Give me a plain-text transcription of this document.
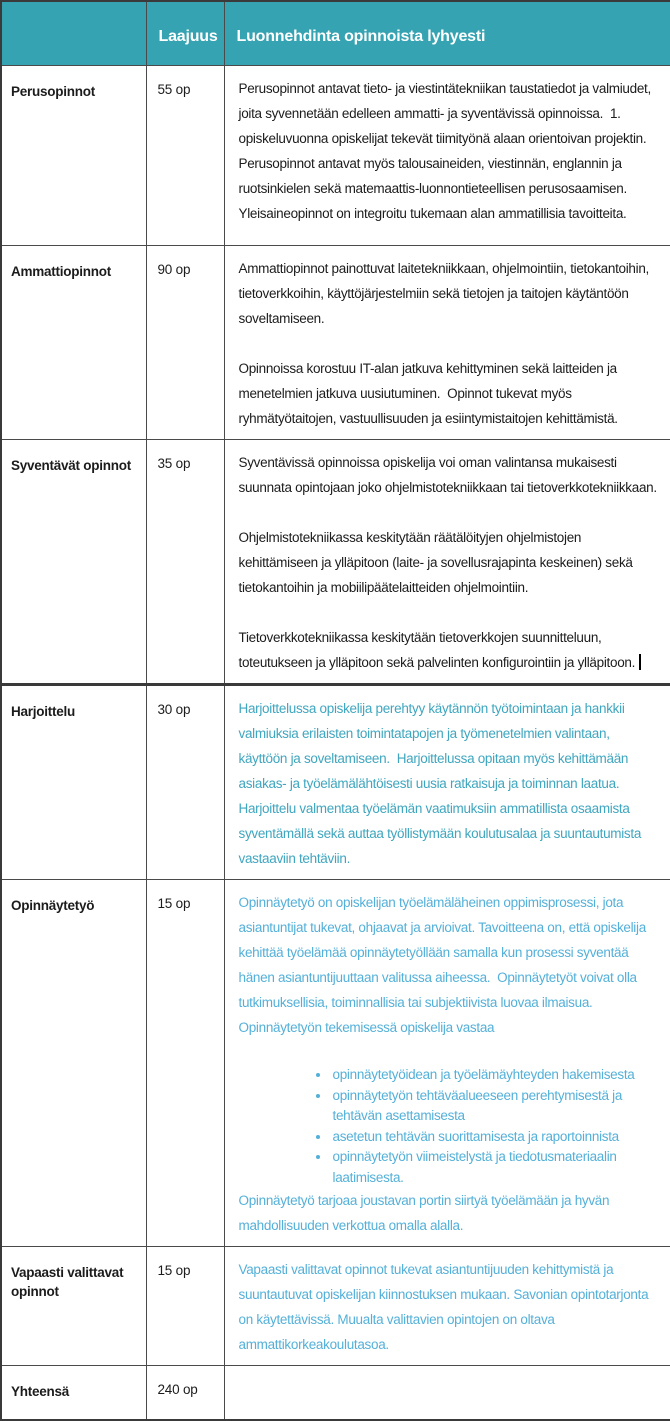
	Laajuus	Luonnehdinta opinnoista lyhyesti
Perusopinnot	55 op	Perusopinnot antavat tieto- ja viestintätekniikan taustatiedot ja valmiudet, joita syvennetään edelleen ammatti- ja syventävissä opinnoissa.  1. opiskeluvuonna opiskelijat tekevät tiimityönä alaan orientoivan projektin.  Perusopinnot antavat myös talousaineiden, viestinnän, englannin ja ruotsinkielen sekä matemaattis-luonnontieteellisen perusosaamisen.  Yleisaineopinnot on integroitu tukemaan alan ammatillisia tavoitteita.

Ammattiopinnot	90 op	Ammattiopinnot painottuvat laitetekniikkaan, ohjelmointiin, tietokantoihin, tietoverkkoihin, käyttöjärjestelmiin sekä tietojen ja taitojen käytäntöön soveltamiseen.

Opinnoissa korostuu IT-alan jatkuva kehittyminen sekä laitteiden ja menetelmien jatkuva uusiutuminen.  Opinnot tukevat myös ryhmätyötaitojen, vastuullisuuden ja esiintymistaitojen kehittämistä.

Syventävät opinnot	35 op	Syventävissä opinnoissa opiskelija voi oman valintansa mukaisesti suunnata opintojaan joko ohjelmistotekniikkaan tai tietoverkkotekniikkaan.

Ohjelmistotekniikassa keskitytään räätälöityjen ohjelmistojen kehittämiseen ja ylläpitoon (laite- ja sovellusrajapinta keskeinen) sekä tietokantoihin ja mobiilipäätelaitteiden ohjelmointiin.

Tietoverkkotekniikassa keskitytään tietoverkkojen suunnitteluun, toteutukseen ja ylläpitoon sekä palvelinten konfigurointiin ja ylläpitoon.

Harjoittelu	30 op	Harjoittelussa opiskelija perehtyy käytännön työtoimintaan ja hankkii valmiuksia erilaisten toimintatapojen ja työmenetelmien valintaan, käyttöön ja soveltamiseen.  Harjoittelussa opitaan myös kehittämään asiakas- ja työelämälähtöisesti uusia ratkaisuja ja toiminnan laatua. Harjoittelu valmentaa työelämän vaatimuksiin ammatillista osaamista syventämällä sekä auttaa työllistymään koulutusalaa ja suuntautumista vastaaviin tehtäviin.

Opinnäytetyö	15 op	Opinnäytetyö on opiskelijan työelämäläheinen oppimisprosessi, jota asiantuntijat tukevat, ohjaavat ja arvioivat. Tavoitteena on, että opiskelija kehittää työelämää opinnäytetyöllään samalla kun prosessi syventää hänen asiantuntijuuttaan valitussa aiheessa.  Opinnäytetyöt voivat olla tutkimuksellisia, toiminnallisia tai subjektiivista luovaa ilmaisua. Opinnäytetyön tekemisessä opiskelija vastaa

• opinnäytetyöidean ja työelämäyhteyden hakemisesta
• opinnäytetyön tehtäväalueeseen perehtymisestä ja tehtävän asettamisesta
• asetetun tehtävän suorittamisesta ja raportoinnista
• opinnäytetyön viimeistelystä ja tiedotusmateriaalin laatimisesta.

Opinnäytetyö tarjoaa joustavan portin siirtyä työelämään ja hyvän mahdollisuuden verkottua omalla alalla.

Vapaasti valittavat opinnot	15 op	Vapaasti valittavat opinnot tukevat asiantuntijuuden kehittymistä ja suuntautuvat opiskelijan kiinnostuksen mukaan. Savonian opintotarjonta on käytettävissä. Muualta valittavien opintojen on oltava ammattikorkeakoulutasoa.

Yhteensä	240 op	
